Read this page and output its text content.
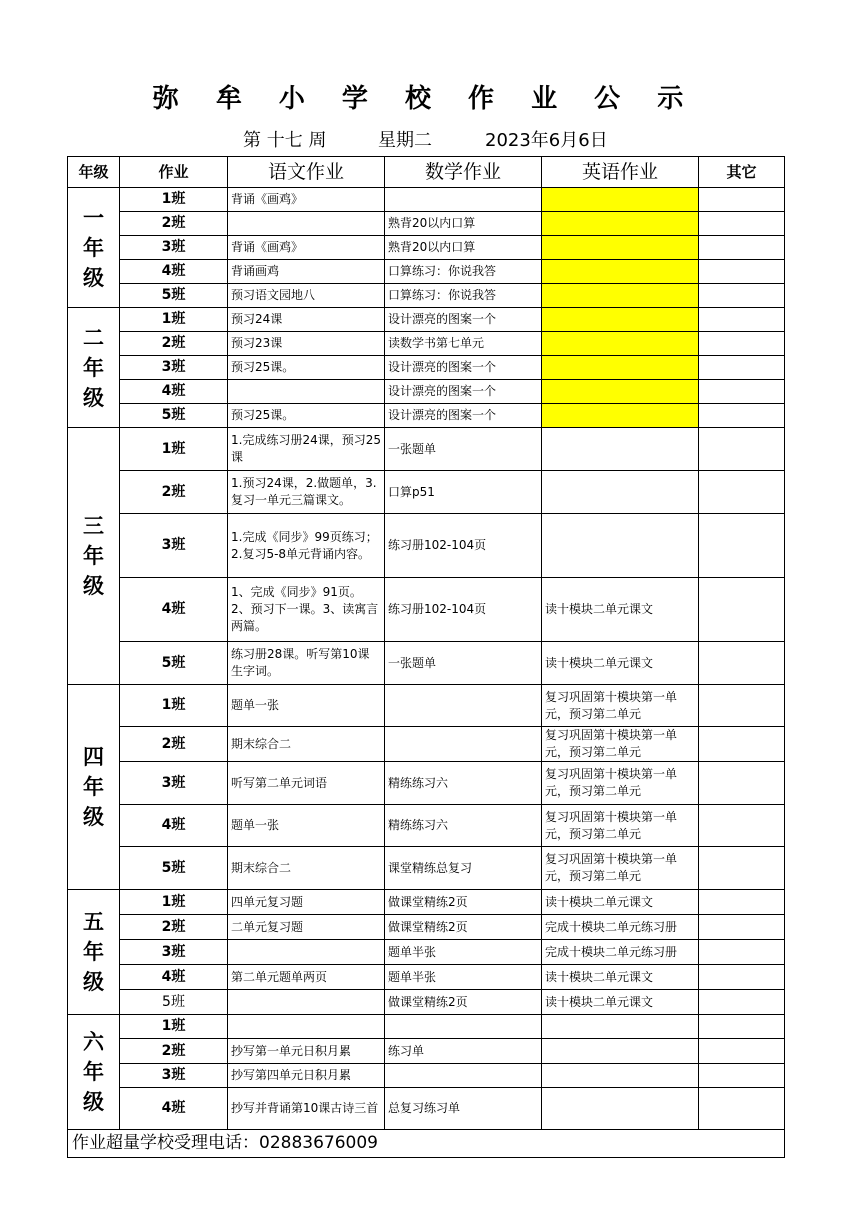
弥 牟 小 学 校 作 业 公 示
第 十七 周	星期二	2023年6月6日
年级	作业	语文作业	数学作业	英语作业	其它

一
年
级	1班	背诵《画鸡》			
	2班		熟背20以内口算		
	3班	背诵《画鸡》	熟背20以内口算		
	4班	背诵画鸡	口算练习：你说我答		
	5班	预习语文园地八	口算练习：你说我答		

二
年
级	1班	预习24课	设计漂亮的图案一个		
	2班	预习23课	读数学书第七单元		
	3班	预习25课。	设计漂亮的图案一个		
	4班		设计漂亮的图案一个		
	5班	预习25课。	设计漂亮的图案一个		

三
年
级	1班	1.完成练习册24课，预习25课	一张题单		
	2班	1.预习24课，2.做题单，3.复习一单元三篇课文。	口算p51		
	3班	1.完成《同步》99页练习；2.复习5-8单元背诵内容。	练习册102-104页		
	4班	1、完成《同步》91页。2、预习下一课。3、读寓言两篇。	练习册102-104页	读十模块二单元课文	
	5班	练习册28课。听写第10课生字词。	一张题单	读十模块二单元课文	

四
年
级	1班	题单一张		复习巩固第十模块第一单元，预习第二单元	
	2班	期末综合二		复习巩固第十模块第一单元，预习第二单元	
	3班	听写第二单元词语	精练练习六	复习巩固第十模块第一单元，预习第二单元	
	4班	题单一张	精练练习六	复习巩固第十模块第一单元，预习第二单元	
	5班	期末综合二	课堂精练总复习	复习巩固第十模块第一单元，预习第二单元	

五
年
级	1班	四单元复习题	做课堂精练2页	读十模块二单元课文	
	2班	二单元复习题	做课堂精练2页	完成十模块二单元练习册	
	3班		题单半张	完成十模块二单元练习册	
	4班	第二单元题单两页	题单半张	读十模块二单元课文	
	5班		做课堂精练2页	读十模块二单元课文	

六
年
级	1班				
	2班	抄写第一单元日积月累	练习单		
	3班	抄写第四单元日积月累			
	4班	抄写并背诵第10课古诗三首	总复习练习单		
作业超量学校受理电话：02883676009					
